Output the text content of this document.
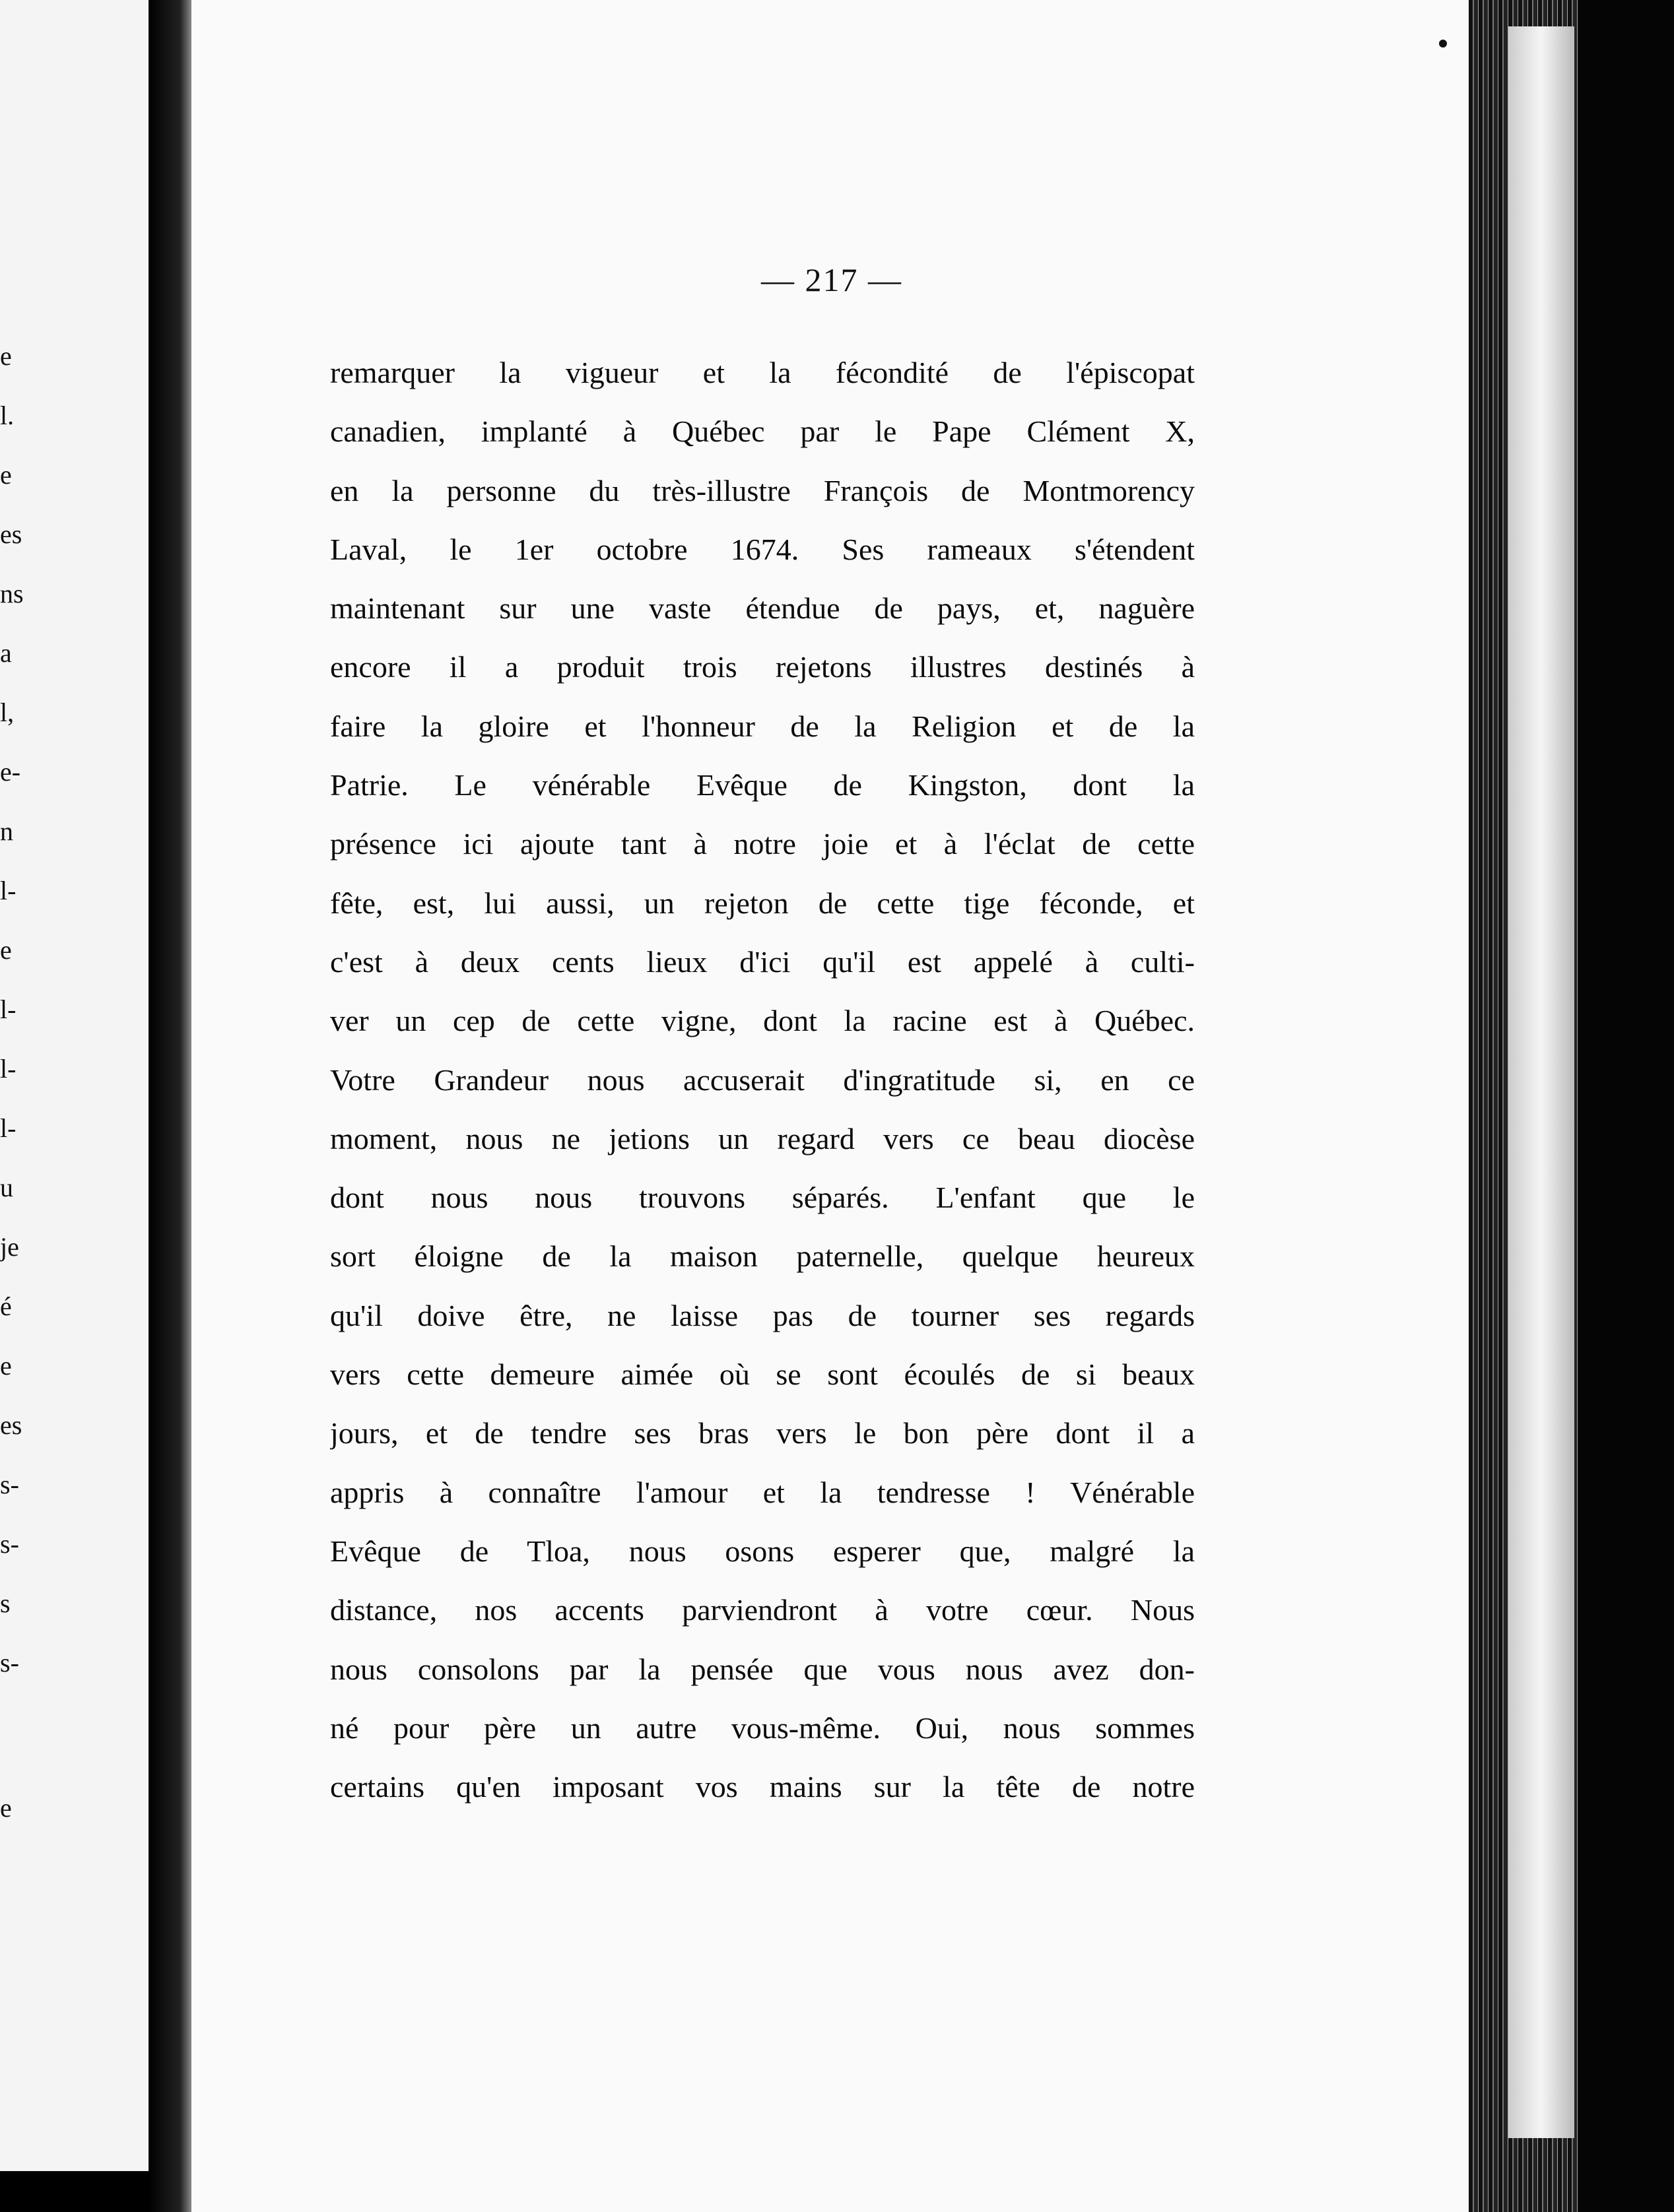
e
l.
e
es
ns
a
l,
e-
n
l-
e
l-
l-
l-
u
je
é
e
es
s-
s-
s
s-
e
— 217 —
remarquer la vigueur et la fécondité de l'épiscopat
canadien, implanté à Québec par le Pape Clément X,
en la personne du très-illustre François de Montmorency
Laval, le 1er octobre 1674. Ses rameaux s'étendent
maintenant sur une vaste étendue de pays, et, naguère
encore il a produit trois rejetons illustres destinés à
faire la gloire et l'honneur de la Religion et de la
Patrie. Le vénérable Evêque de Kingston, dont la
présence ici ajoute tant à notre joie et à l'éclat de cette
fête, est, lui aussi, un rejeton de cette tige féconde, et
c'est à deux cents lieux d'ici qu'il est appelé à culti-
ver un cep de cette vigne, dont la racine est à Québec.
Votre Grandeur nous accuserait d'ingratitude si, en ce
moment, nous ne jetions un regard vers ce beau diocèse
dont nous nous trouvons séparés. L'enfant que le
sort éloigne de la maison paternelle, quelque heureux
qu'il doive être, ne laisse pas de tourner ses regards
vers cette demeure aimée où se sont écoulés de si beaux
jours, et de tendre ses bras vers le bon père dont il a
appris à connaître l'amour et la tendresse ! Vénérable
Evêque de Tloa, nous osons esperer que, malgré la
distance, nos accents parviendront à votre cœur. Nous
nous consolons par la pensée que vous nous avez don-
né pour père un autre vous-même. Oui, nous sommes
certains qu'en imposant vos mains sur la tête de notre
